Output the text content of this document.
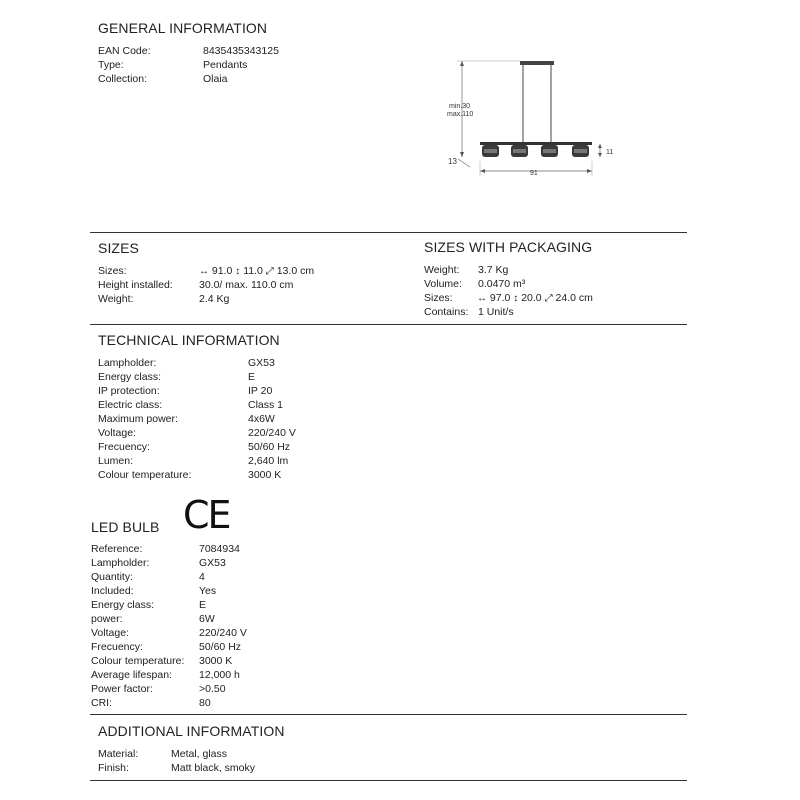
GENERAL INFORMATION
EAN Code:	8435435343125
Type:	Pendants
Collection:	Olaia
min.30
max.110
13
11
91
SIZES
Sizes:	↔ 91.0 ↕ 11.0 ⤢ 13.0 cm
Height installed:	30.0/ max. 110.0 cm
Weight:	2.4 Kg
SIZES WITH PACKAGING
Weight: 3.7 Kg
Volume: 0.0470 m³
Sizes: ↔ 97.0 ↕ 20.0 ⤢ 24.0 cm
Contains: 1 Unit/s
TECHNICAL INFORMATION
Lampholder:	GX53
Energy class:	E
IP protection:	IP 20
Electric class:	Class 1
Maximum power:	4x6W
Voltage:	220/240 V
Frecuency:	50/60 Hz
Lumen:	2,640 lm
Colour temperature:	3000 K
CE
LED BULB
Reference:	7084934
Lampholder:	GX53
Quantity:	4
Included:	Yes
Energy class:	E
power:	6W
Voltage:	220/240 V
Frecuency:	50/60 Hz
Colour temperature: 3000 K
Average lifespan:	12,000 h
Power factor:	>0.50
CRI:	80
ADDITIONAL INFORMATION
Material:	Metal, glass
Finish:	Matt black, smoky
